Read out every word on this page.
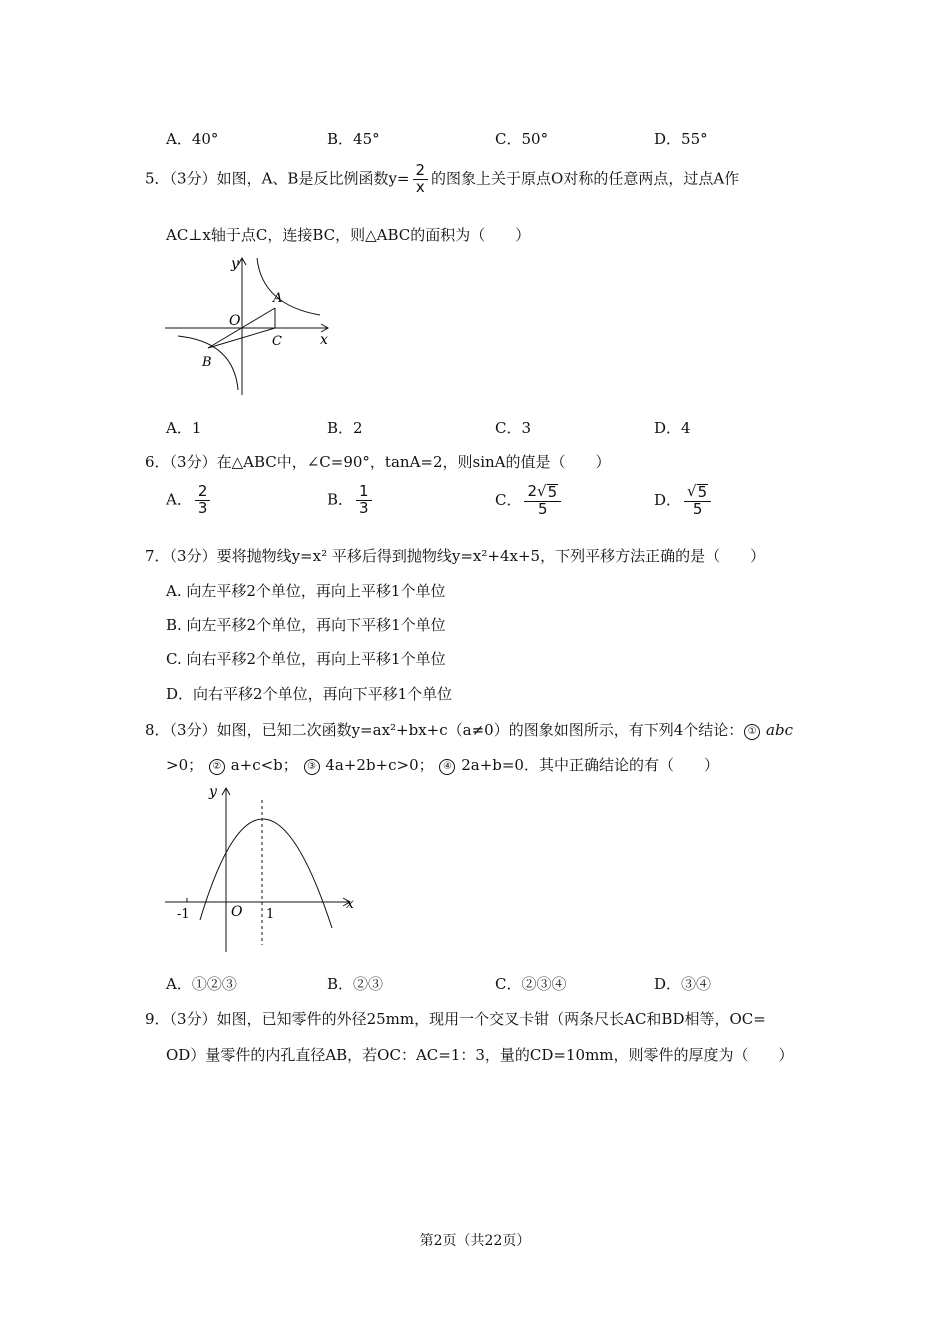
A．40°	B．45°	C．50°	D．55°
5．（3分）如图，A、B是反比例函数$y= \frac{2}{x}$ 的图象上关于原点O对称的任意两点，过点A作
AC⊥x轴于点C，连接BC，则△ABC的面积为（　　）
y
x
O
A
B
C
A．1	B．2	C．3	D．4
6．（3分）在△ABC中，∠C=90°，tanA=2，则sinA的值是（　　）
A． $\frac{2}{3}$	B． $\frac{1}{3}$	C． $\frac{2√ 5}{5}$	D． $\frac{√ 5}{5}$
7．（3分）要将抛物线y=x² 平移后得到抛物线y=x²+4x+5，下列平移方法正确的是（　　）
A. 向左平移2个单位，再向上平移1个单位
B. 向左平移2个单位，再向下平移1个单位
C. 向右平移2个单位，再向上平移1个单位
D．向右平移2个单位，再向下平移1个单位
8．（3分）如图，已知二次函数y=ax²+bx+c（a≠0）的图象如图所示，有下列4个结论： ① abc
>0； ② a+c<b； ③ 4a+2b+c>0； ④ 2a+b=0．其中正确结论的有（　　）
y
x
O
-1	1
A．①②③	B．②③	C．②③④	D．③④
9．（3分）如图，已知零件的外径25mm，现用一个交叉卡钳（两条尺长AC和BD相等，OC=
OD）量零件的内孔直径AB，若OC：AC=1：3，量的CD=10mm，则零件的厚度为（　　）
第2页（共22页）
